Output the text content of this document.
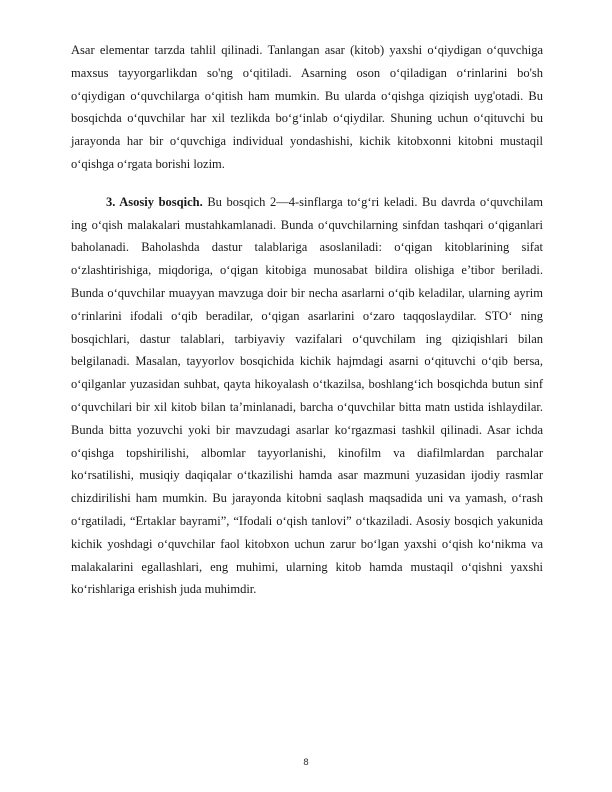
Asar elementar tarzda tahlil qilinadi. Tanlangan asar (kitob) yaxshi o‘qiydigan o‘quvchiga maxsus tayyorgarlikdan so'ng o‘qitiladi. Asarning oson o‘qiladigan o‘rinlarini bo'sh o‘qiydigan o‘quvchilarga o‘qitish ham mumkin. Bu ularda o‘qishga qiziqish uyg'otadi. Bu bosqichda o‘quvchilar har xil tezlikda bo‘g‘inlab o‘qiydilar. Shuning uchun o‘qituvchi bu jarayonda har bir o‘quvchiga individual yondashishi, kichik kitobxonni kitobni mustaqil o‘qishga o‘rgata borishi lozim.

3. Asosiy bosqich. Bu bosqich 2—4-sinflarga to‘g‘ri keladi. Bu davrda o‘quvchilam ing o‘qish malakalari mustahkamlanadi. Bunda o‘quvchilarning sinfdan tashqari o‘qiganlari baholanadi. Baholashda dastur talablariga asoslaniladi: o‘qigan kitoblarining sifat o‘zlashtirishiga, miqdoriga, o‘qigan kitobiga munosabat bildira olishiga e’tibor beriladi. Bunda o‘quvchilar muayyan mavzuga doir bir necha asarlarni o‘qib keladilar, ularning ayrim o‘rinlarini ifodali o‘qib beradilar, o‘qigan asarlarini o‘zaro taqqoslaydilar. STO‘ ning bosqichlari, dastur talablari, tarbiyaviy vazifalari o‘quvchilam ing qiziqishlari bilan belgilanadi. Masalan, tayyorlov bosqichida kichik hajmdagi asarni o‘qituvchi o‘qib bersa, o‘qilganlar yuzasidan suhbat, qayta hikoyalash o‘tkazilsa, boshlang‘ich bosqichda butun sinf o‘quvchilari bir xil kitob bilan ta’minlanadi, barcha o‘quvchilar bitta matn ustida ishlaydilar. Bunda bitta yozuvchi yoki bir mavzudagi asarlar ko‘rgazmasi tashkil qilinadi. Asar ichda o‘qishga topshirilishi, albomlar tayyorlanishi, kinofilm va diafilmlardan parchalar ko‘rsatilishi, musiqiy daqiqalar o‘tkazilishi hamda asar mazmuni yuzasidan ijodiy rasmlar chizdirilishi ham mumkin. Bu jarayonda kitobni saqlash maqsadida uni va yamash, o‘rash o‘rgatiladi, “Ertaklar bayrami”, “Ifodali o‘qish tanlovi” o‘tkaziladi. Asosiy bosqich yakunida kichik yoshdagi o‘quvchilar faol kitobxon uchun zarur bo‘lgan yaxshi o‘qish ko‘nikma va malakalarini egallashlari, eng muhimi, ularning kitob hamda mustaqil o‘qishni yaxshi ko‘rishlariga erishish juda muhimdir.

8
